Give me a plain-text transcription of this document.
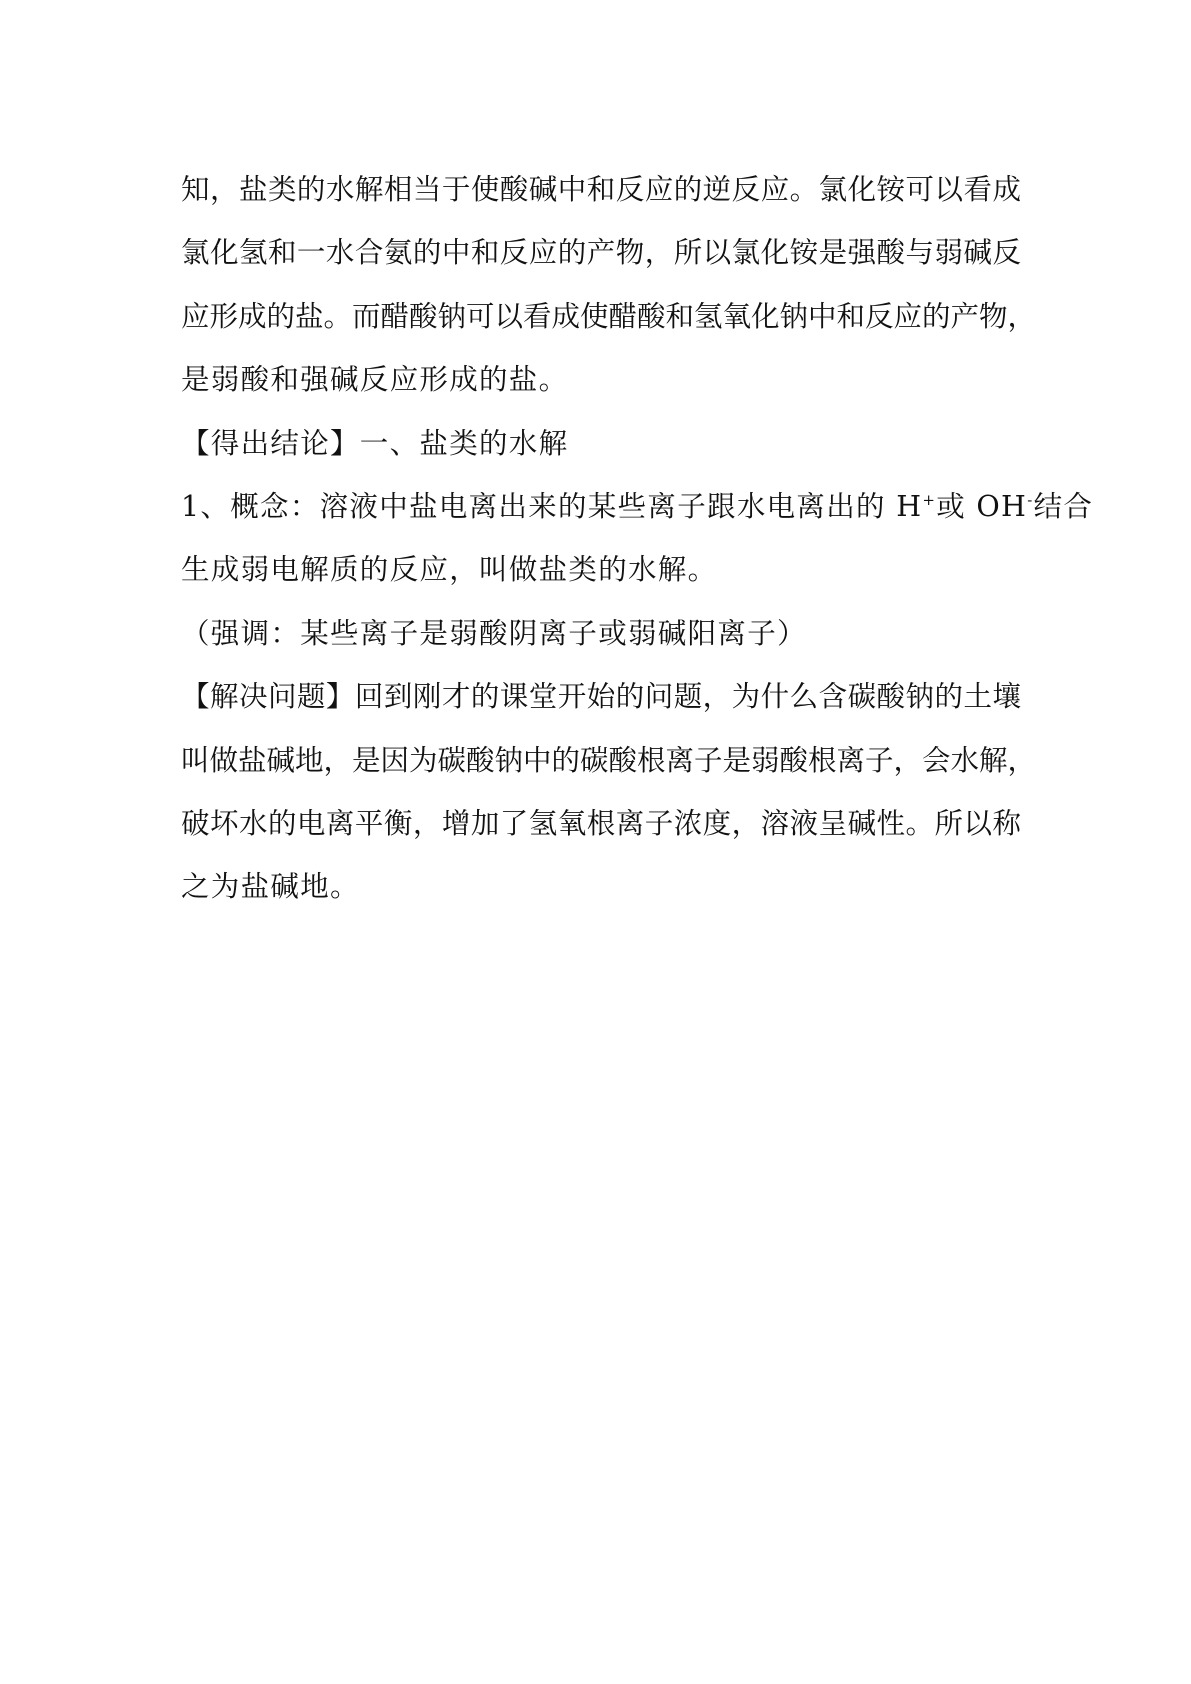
知，盐类的水解相当于使酸碱中和反应的逆反应。氯化铵可以看成
氯化氢和一水合氨的中和反应的产物，所以氯化铵是强酸与弱碱反
应形成的盐。而醋酸钠可以看成使醋酸和氢氧化钠中和反应的产物，
是弱酸和强碱反应形成的盐。
【得出结论】一、盐类的水解
1、概念：溶液中盐电离出来的某些离子跟水电离出的 H+或 OH-结合
生成弱电解质的反应，叫做盐类的水解。
（强调：某些离子是弱酸阴离子或弱碱阳离子）
【解决问题】回到刚才的课堂开始的问题，为什么含碳酸钠的土壤
叫做盐碱地，是因为碳酸钠中的碳酸根离子是弱酸根离子，会水解，
破坏水的电离平衡，增加了氢氧根离子浓度，溶液呈碱性。所以称
之为盐碱地。
